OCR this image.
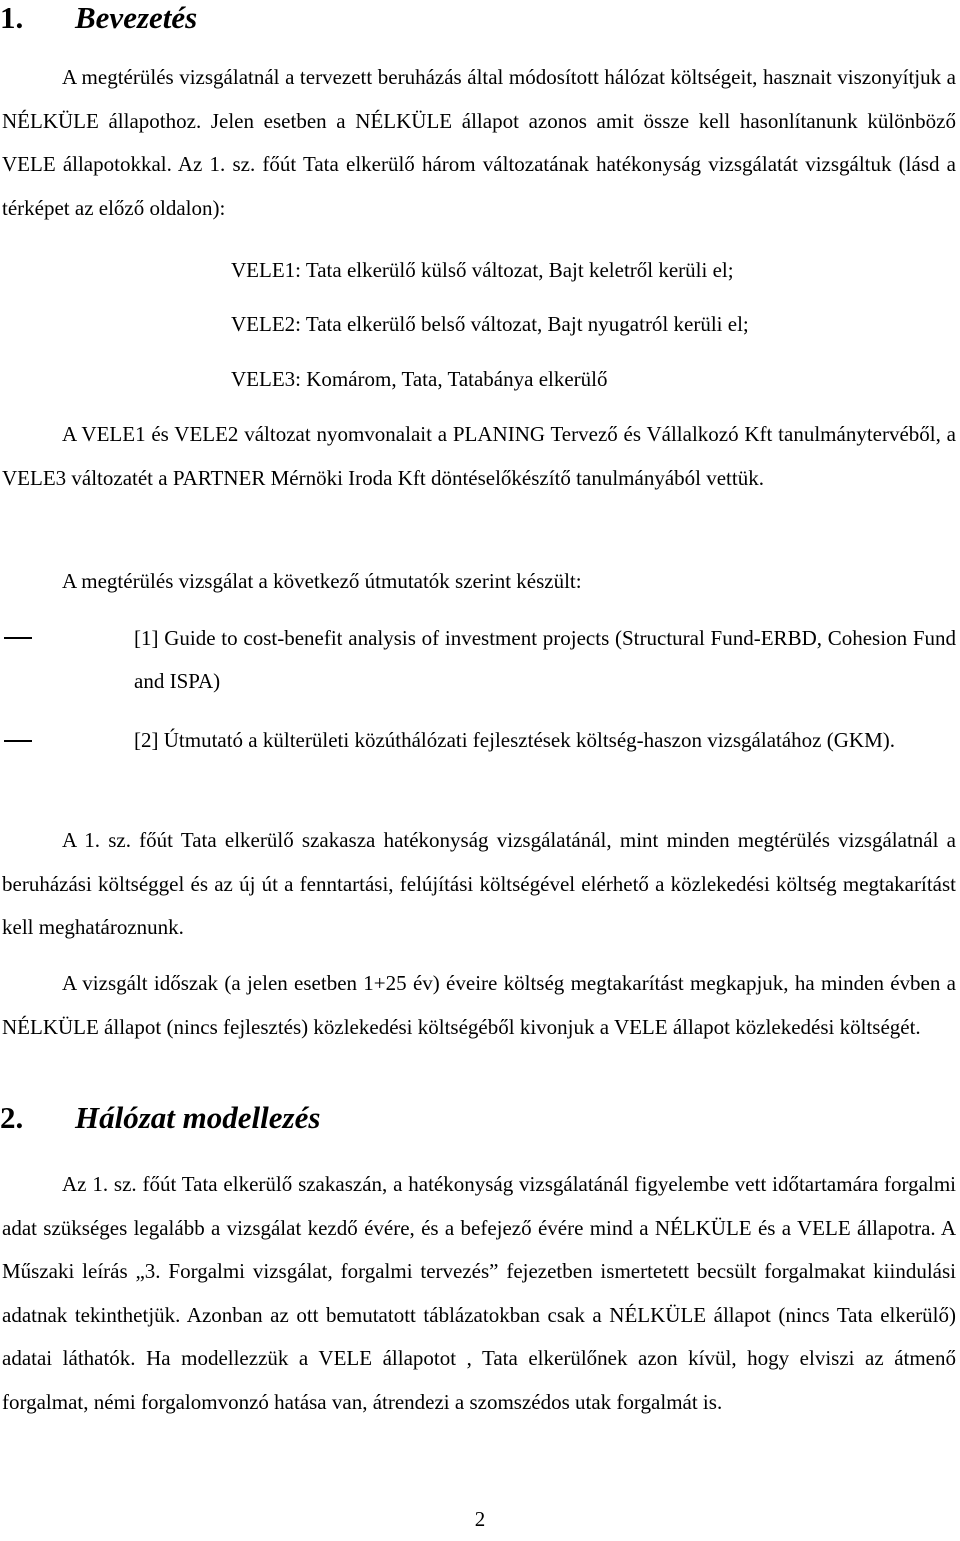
1. Bevezetés

A megtérülés vizsgálatnál a tervezett beruházás által módosított hálózat költségeit, hasznait viszonyítjuk a NÉLKÜLE állapothoz. Jelen esetben a NÉLKÜLE állapot azonos amit össze kell hasonlítanunk különböző VELE állapotokkal. Az 1. sz. főút Tata elkerülő három változatának hatékonyság vizsgálatát vizsgáltuk (lásd a térképet az előző oldalon):

VELE1: Tata elkerülő külső változat, Bajt keletről kerüli el;

VELE2: Tata elkerülő belső változat, Bajt nyugatról kerüli el;

VELE3: Komárom, Tata, Tatabánya elkerülő

A VELE1 és VELE2 változat nyomvonalait a PLANING Tervező és Vállalkozó Kft tanulmánytervéből, a VELE3 változatét a PARTNER Mérnöki Iroda Kft döntéselőkészítő tanulmányából vettük.

A megtérülés vizsgálat a következő útmutatók szerint készült:

[1] Guide to cost-benefit analysis of investment projects (Structural Fund-ERBD, Cohesion Fund and ISPA)

[2] Útmutató a külterületi közúthálózati fejlesztések költség-haszon vizsgálatához (GKM).

A 1. sz. főút Tata elkerülő szakasza hatékonyság vizsgálatánál, mint minden megtérülés vizsgálatnál a beruházási költséggel és az új út a fenntartási, felújítási költségével elérhető a közlekedési költség megtakarítást kell meghatároznunk.

A vizsgált időszak (a jelen esetben 1+25 év) éveire költség megtakarítást megkapjuk, ha minden évben a NÉLKÜLE állapot (nincs fejlesztés) közlekedési költségéből kivonjuk a VELE állapot közlekedési költségét.

2. Hálózat modellezés

Az 1. sz. főút Tata elkerülő szakaszán, a hatékonyság vizsgálatánál figyelembe vett időtartamára forgalmi adat szükséges legalább a vizsgálat kezdő évére, és a befejező évére mind a NÉLKÜLE és a VELE állapotra. A Műszaki leírás „3. Forgalmi vizsgálat, forgalmi tervezés” fejezetben ismertetett becsült forgalmakat kiindulási adatnak tekinthetjük. Azonban az ott bemutatott táblázatokban csak a NÉLKÜLE állapot (nincs Tata elkerülő) adatai láthatók. Ha modellezzük a VELE állapotot , Tata elkerülőnek azon kívül, hogy elviszi az átmenő forgalmat, némi forgalomvonzó hatása van, átrendezi a szomszédos utak forgalmát is.

2
